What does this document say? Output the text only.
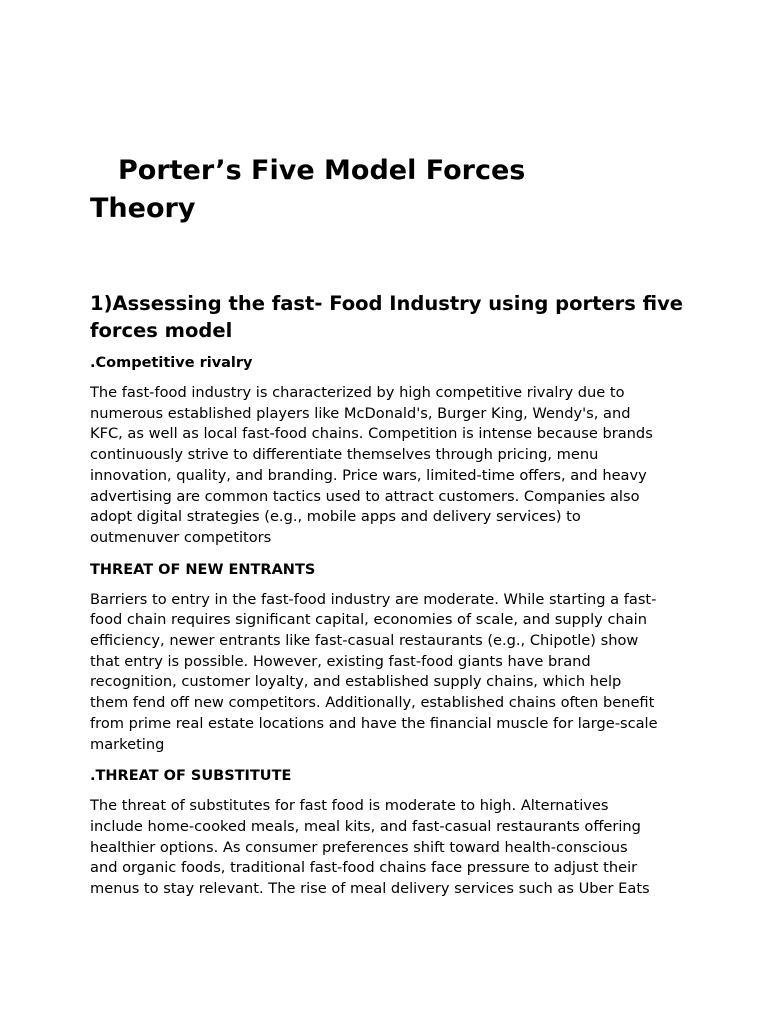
Porter’s Five Model Forces
Theory
1)Assessing the fast- Food Industry using porters five forces model
.Competitive rivalry

The fast-food industry is characterized by high competitive rivalry due to
numerous established players like McDonald's, Burger King, Wendy's, and
KFC, as well as local fast-food chains. Competition is intense because brands
continuously strive to differentiate themselves through pricing, menu
innovation, quality, and branding. Price wars, limited-time offers, and heavy
advertising are common tactics used to attract customers. Companies also
adopt digital strategies (e.g., mobile apps and delivery services) to
outmenuver competitors

THREAT OF NEW ENTRANTS

Barriers to entry in the fast-food industry are moderate. While starting a fast-
food chain requires significant capital, economies of scale, and supply chain
efficiency, newer entrants like fast-casual restaurants (e.g., Chipotle) show
that entry is possible. However, existing fast-food giants have brand
recognition, customer loyalty, and established supply chains, which help
them fend off new competitors. Additionally, established chains often benefit
from prime real estate locations and have the financial muscle for large-scale
marketing

.THREAT OF SUBSTITUTE

The threat of substitutes for fast food is moderate to high. Alternatives
include home-cooked meals, meal kits, and fast-casual restaurants offering
healthier options. As consumer preferences shift toward health-conscious
and organic foods, traditional fast-food chains face pressure to adjust their
menus to stay relevant. The rise of meal delivery services such as Uber Eats
